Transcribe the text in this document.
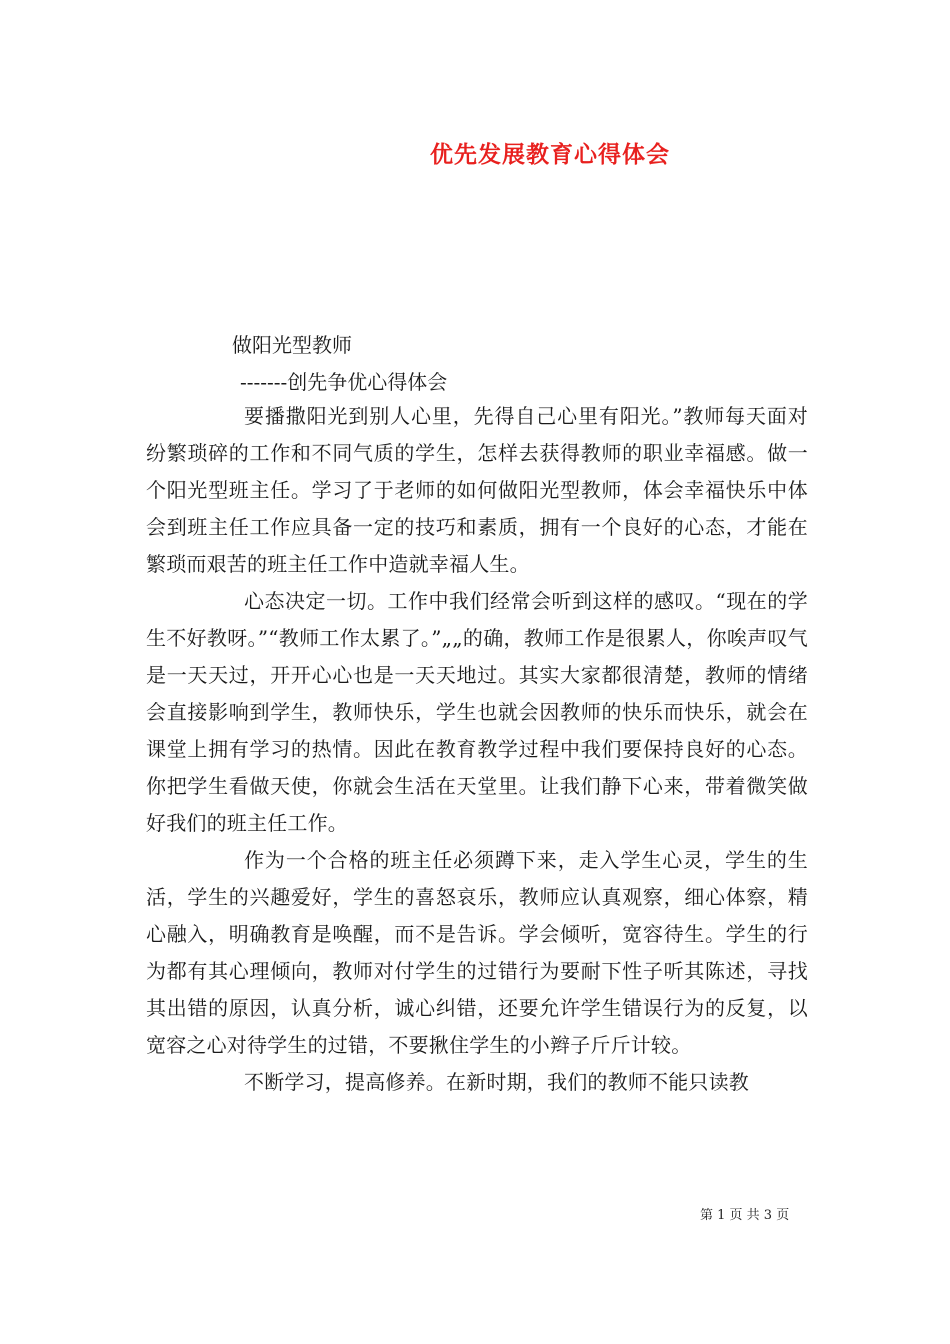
优先发展教育心得体会
做阳光型教师
-------创先争优心得体会

要播撒阳光到别人心里，先得自己心里有阳光。”教师每天面对纷繁琐碎的工作和不同气质的学生，怎样去获得教师的职业幸福感。做一个阳光型班主任。学习了于老师的如何做阳光型教师，体会幸福快乐中体会到班主任工作应具备一定的技巧和素质，拥有一个良好的心态，才能在繁琐而艰苦的班主任工作中造就幸福人生。

心态决定一切。工作中我们经常会听到这样的感叹。“现在的学生不好教呀。”“教师工作太累了。”„„的确，教师工作是很累人，你唉声叹气是一天天过，开开心心也是一天天地过。其实大家都很清楚，教师的情绪会直接影响到学生，教师快乐，学生也就会因教师的快乐而快乐，就会在课堂上拥有学习的热情。因此在教育教学过程中我们要保持良好的心态。你把学生看做天使，你就会生活在天堂里。让我们静下心来，带着微笑做好我们的班主任工作。

作为一个合格的班主任必须蹲下来，走入学生心灵，学生的生活，学生的兴趣爱好，学生的喜怒哀乐，教师应认真观察，细心体察，精心融入，明确教育是唤醒，而不是告诉。学会倾听，宽容待生。学生的行为都有其心理倾向，教师对付学生的过错行为要耐下性子听其陈述，寻找其出错的原因，认真分析，诚心纠错，还要允许学生错误行为的反复，以宽容之心对待学生的过错，不要揪住学生的小辫子斤斤计较。

不断学习，提高修养。在新时期，我们的教师不能只读教

第 1 页 共 3 页
